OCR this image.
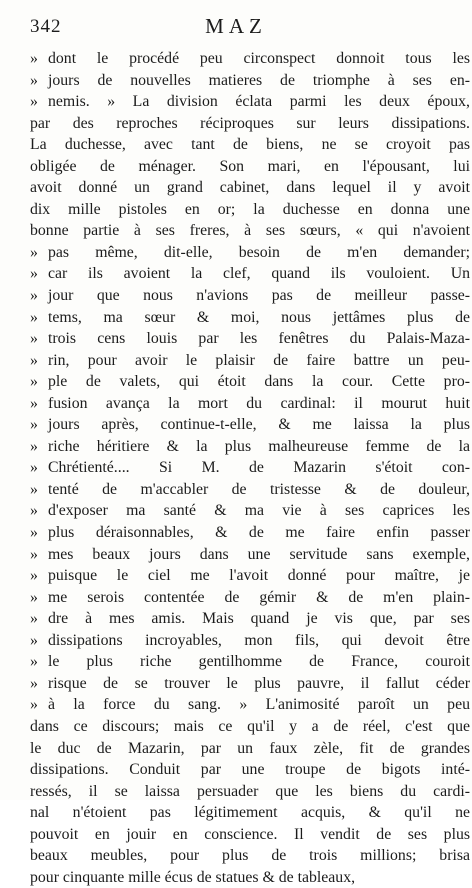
342	MAZ
» dont le procédé peu circonspect donnoit tous les
» jours de nouvelles matieres de triomphe à ses en-
» nemis. » La division éclata parmi les deux époux,
par des reproches réciproques sur leurs dissipations.
La duchesse, avec tant de biens, ne se croyoit pas
obligée de ménager. Son mari, en l'épousant, lui
avoit donné un grand cabinet, dans lequel il y avoit
dix mille pistoles en or; la duchesse en donna une
bonne partie à ses freres, à ses sœurs, « qui n'avoient
» pas même, dit-elle, besoin de m'en demander;
» car ils avoient la clef, quand ils vouloient. Un
» jour que nous n'avions pas de meilleur passe-
» tems, ma sœur & moi, nous jettâmes plus de
» trois cens louis par les fenêtres du Palais-Maza-
» rin, pour avoir le plaisir de faire battre un peu-
» ple de valets, qui étoit dans la cour. Cette pro-
» fusion avança la mort du cardinal: il mourut huit
» jours après, continue-t-elle, & me laissa la plus
» riche héritiere & la plus malheureuse femme de la
» Chrétienté.... Si M. de Mazarin s'étoit con-
» tenté de m'accabler de tristesse & de douleur,
» d'exposer ma santé & ma vie à ses caprices les
» plus déraisonnables, & de me faire enfin passer
» mes beaux jours dans une servitude sans exemple,
» puisque le ciel me l'avoit donné pour maître, je
» me serois contentée de gémir & de m'en plain-
» dre à mes amis. Mais quand je vis que, par ses
» dissipations incroyables, mon fils, qui devoit être
» le plus riche gentilhomme de France, couroit
» risque de se trouver le plus pauvre, il fallut céder
» à la force du sang. » L'animosité paroît un peu
dans ce discours; mais ce qu'il y a de réel, c'est que
le duc de Mazarin, par un faux zèle, fit de grandes
dissipations. Conduit par une troupe de bigots inté-
ressés, il se laissa persuader que les biens du cardi-
nal n'étoient pas légitimement acquis, & qu'il ne
pouvoit en jouir en conscience. Il vendit de ses plus
beaux meubles, pour plus de trois millions; brisa
pour cinquante mille écus de statues & de tableaux,
